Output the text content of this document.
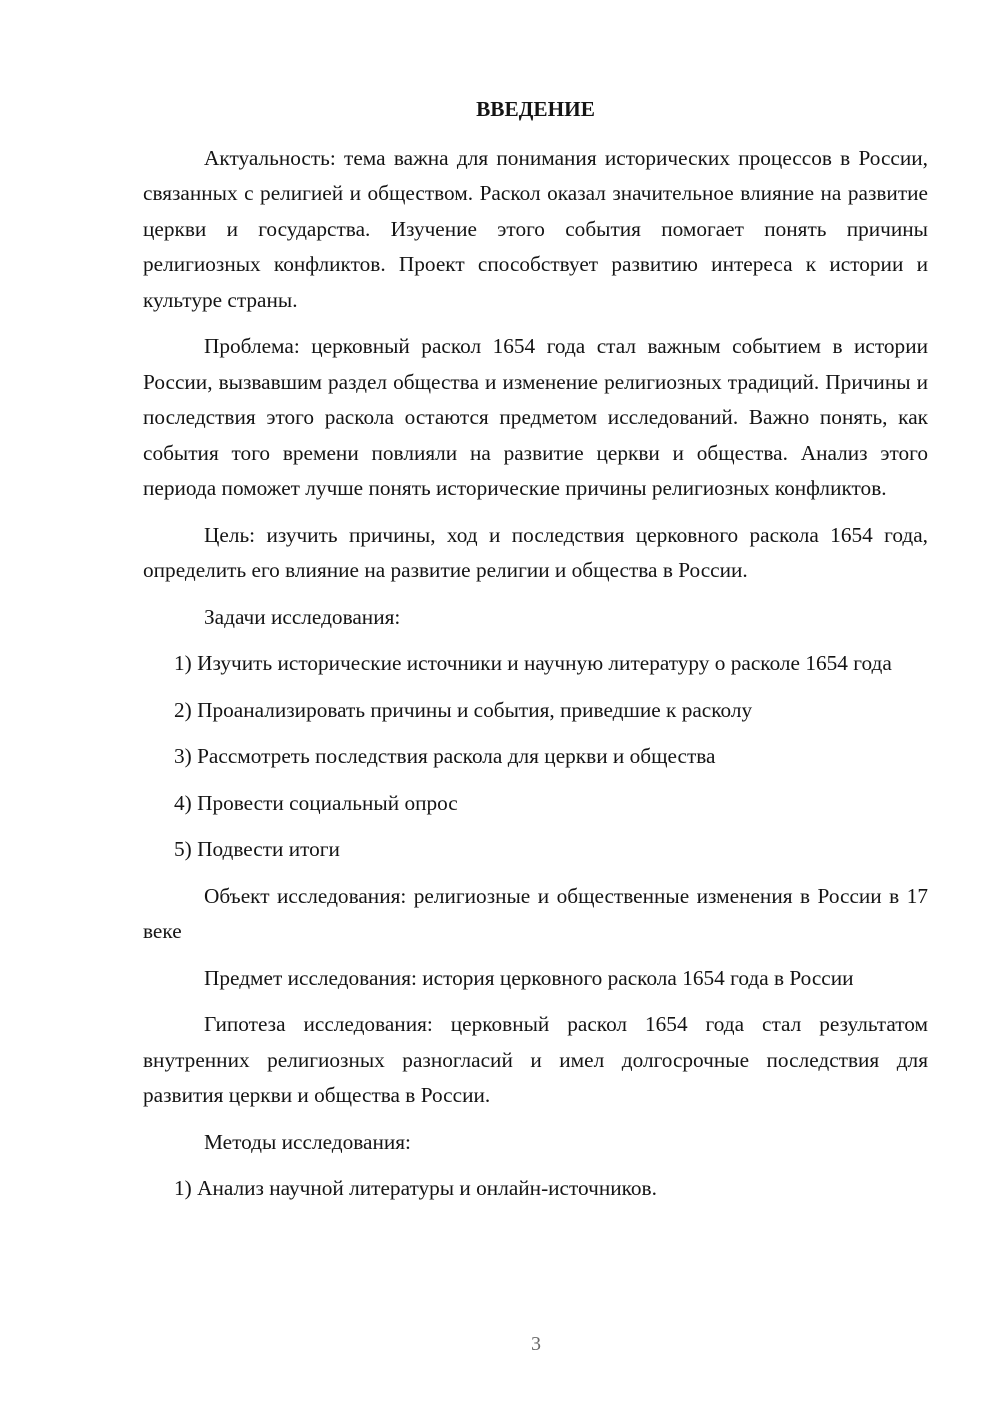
ВВЕДЕНИЕ

Актуальность: тема важна для понимания исторических процессов в России, связанных с религией и обществом. Раскол оказал значительное влияние на развитие церкви и государства. Изучение этого события помогает понять причины религиозных конфликтов. Проект способствует развитию интереса к истории и культуре страны.

Проблема: церковный раскол 1654 года стал важным событием в истории России, вызвавшим раздел общества и изменение религиозных традиций. Причины и последствия этого раскола остаются предметом исследований. Важно понять, как события того времени повлияли на развитие церкви и общества. Анализ этого периода поможет лучше понять исторические причины религиозных конфликтов.

Цель: изучить причины, ход и последствия церковного раскола 1654 года, определить его влияние на развитие религии и общества в России.

Задачи исследования:

1) Изучить исторические источники и научную литературу о расколе 1654 года

2) Проанализировать причины и события, приведшие к расколу

3) Рассмотреть последствия раскола для церкви и общества

4) Провести социальный опрос

5) Подвести итоги

Объект исследования: религиозные и общественные изменения в России в 17 веке

Предмет исследования: история церковного раскола 1654 года в России

Гипотеза исследования: церковный раскол 1654 года стал результатом внутренних религиозных разногласий и имел долгосрочные последствия для развития церкви и общества в России.

Методы исследования:

1) Анализ научной литературы и онлайн-источников.

3
